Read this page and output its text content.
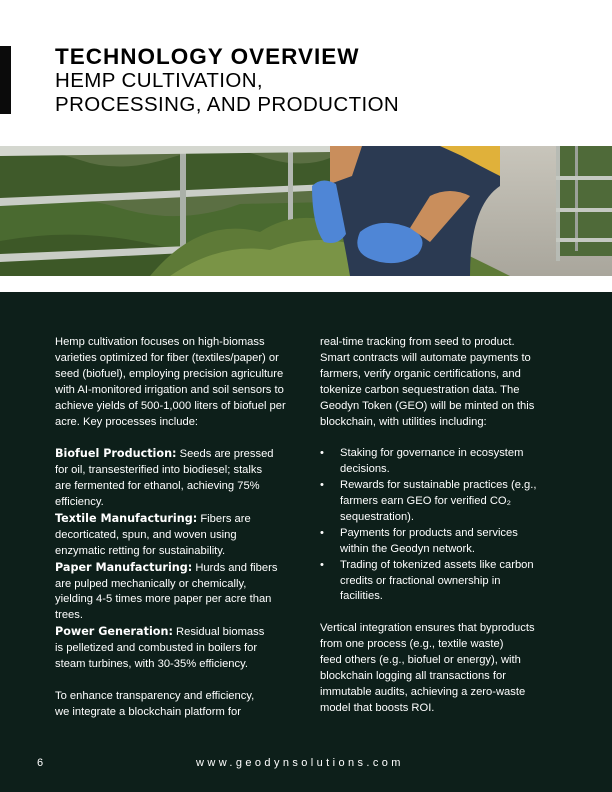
TECHNOLOGY OVERVIEW
HEMP CULTIVATION,
PROCESSING, AND PRODUCTION

Hemp cultivation focuses on high-biomass

varieties optimized for fiber (textiles/paper) or

seed (biofuel), employing precision agriculture

with AI-monitored irrigation and soil sensors to

achieve yields of 500-1,000 liters of biofuel per

acre. Key processes include:

Biofuel Production: Seeds are pressed

for oil, transesterified into biodiesel; stalks

are fermented for ethanol, achieving 75%

efficiency.

Textile Manufacturing: Fibers are

decorticated, spun, and woven using

enzymatic retting for sustainability.

Paper Manufacturing: Hurds and fibers

are pulped mechanically or chemically,

yielding 4-5 times more paper per acre than

trees.

Power Generation: Residual biomass

is pelletized and combusted in boilers for

steam turbines, with 30-35% efficiency.

To enhance transparency and efficiency,

we integrate a blockchain platform for

real-time tracking from seed to product.

Smart contracts will automate payments to

farmers, verify organic certifications, and

tokenize carbon sequestration data. The

Geodyn Token (GEO) will be minted on this

blockchain, with utilities including:

• Staking for governance in ecosystem

decisions.

• Rewards for sustainable practices (e.g.,

farmers earn GEO for verified CO₂

sequestration).

• Payments for products and services

within the Geodyn network.

• Trading of tokenized assets like carbon

credits or fractional ownership in

facilities.

Vertical integration ensures that byproducts

from one process (e.g., textile waste)

feed others (e.g., biofuel or energy), with

blockchain logging all transactions for

immutable audits, achieving a zero-waste

model that boosts ROI.

6	www.geodynsolutions.com
